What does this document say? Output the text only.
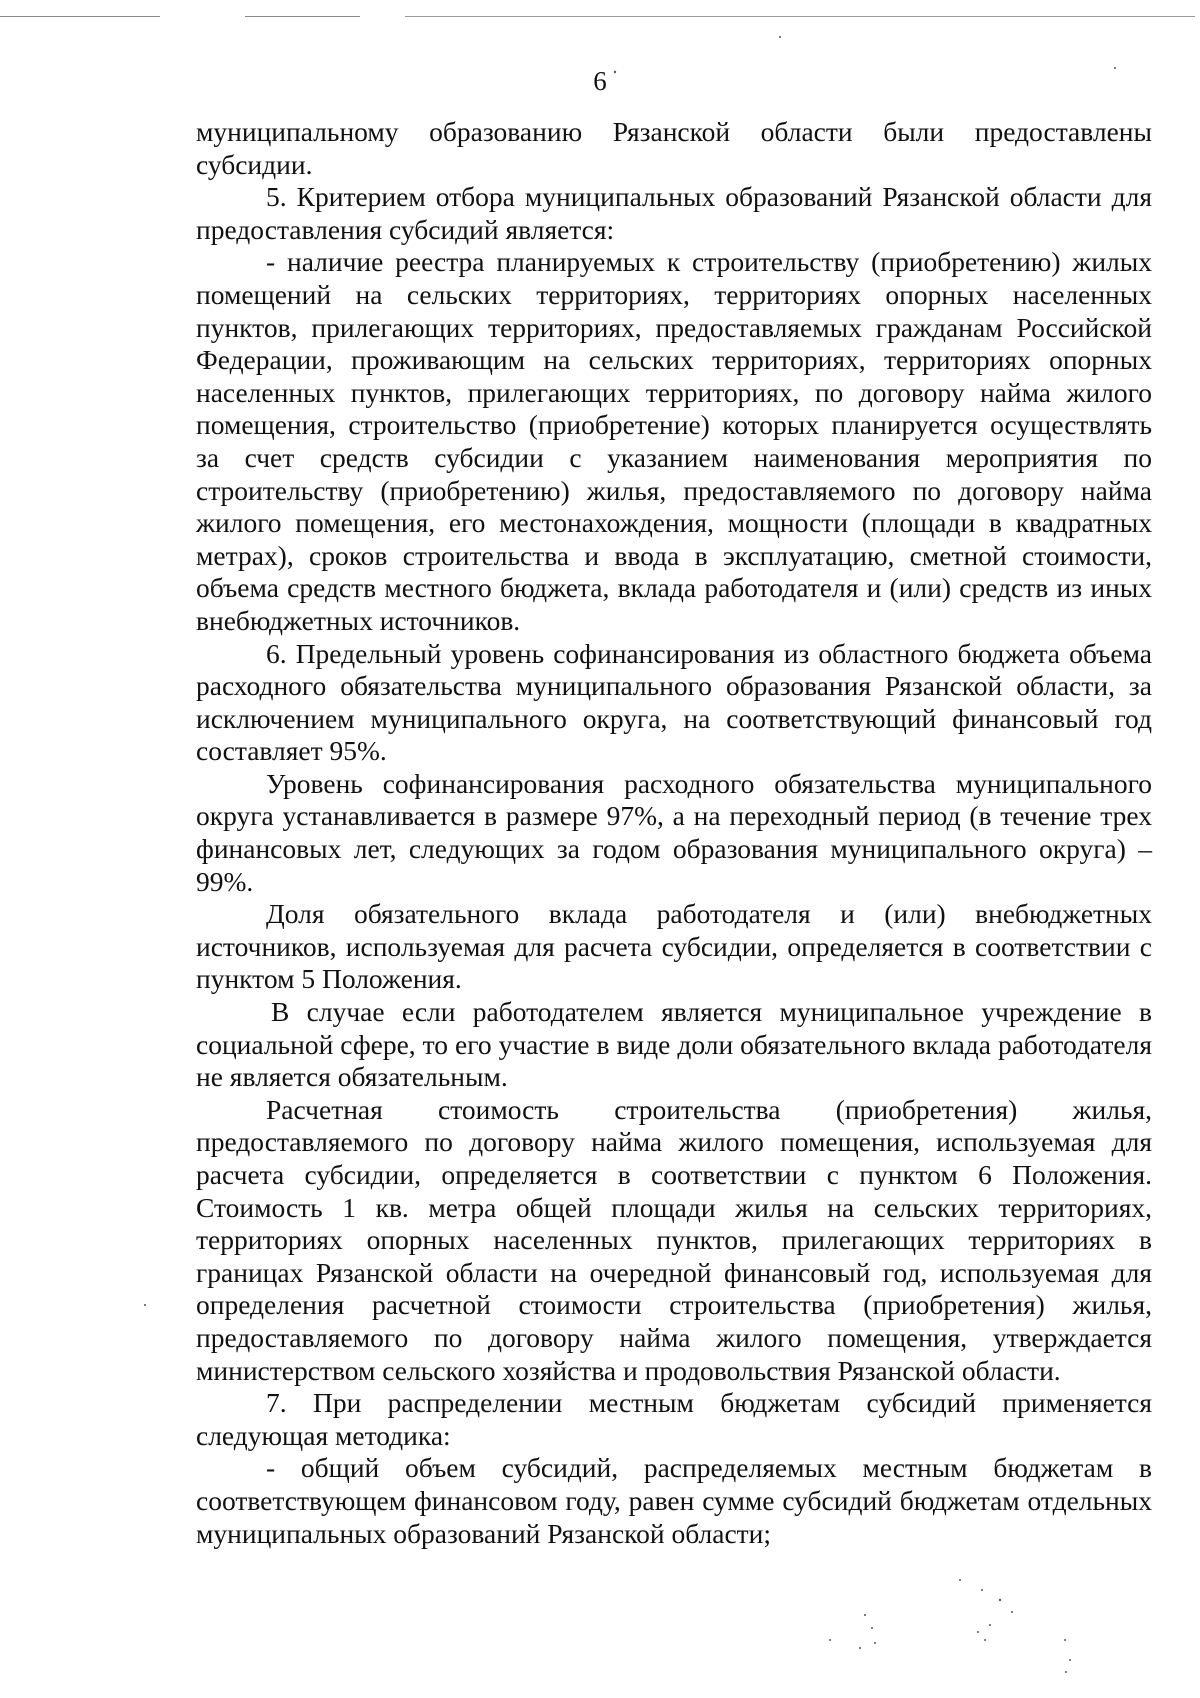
6

муниципальному образованию Рязанской области были предоставлены субсидии.

5. Критерием отбора муниципальных образований Рязанской области для предоставления субсидий является:

- наличие реестра планируемых к строительству (приобретению) жилых помещений на сельских территориях, территориях опорных населенных пунктов, прилегающих территориях, предоставляемых гражданам Российской Федерации, проживающим на сельских территориях, территориях опорных населенных пунктов, прилегающих территориях, по договору найма жилого помещения, строительство (приобретение) которых планируется осуществлять за счет средств субсидии с указанием наименования мероприятия по строительству (приобретению) жилья, предоставляемого по договору найма жилого помещения, его местонахождения, мощности (площади в квадратных метрах), сроков строительства и ввода в эксплуатацию, сметной стоимости, объема средств местного бюджета, вклада работодателя и (или) средств из иных внебюджетных источников.

6. Предельный уровень софинансирования из областного бюджета объема расходного обязательства муниципального образования Рязанской области, за исключением муниципального округа, на соответствующий финансовый год составляет 95%.

Уровень софинансирования расходного обязательства муниципального округа устанавливается в размере 97%, а на переходный период (в течение трех финансовых лет, следующих за годом образования муниципального округа) – 99%.

Доля обязательного вклада работодателя и (или) внебюджетных источников, используемая для расчета субсидии, определяется в соответствии с пунктом 5 Положения.

В случае если работодателем является муниципальное учреждение в социальной сфере, то его участие в виде доли обязательного вклада работодателя не является обязательным.

Расчетная стоимость строительства (приобретения) жилья, предоставляемого по договору найма жилого помещения, используемая для расчета субсидии, определяется в соответствии с пунктом 6 Положения. Стоимость 1 кв. метра общей площади жилья на сельских территориях, территориях опорных населенных пунктов, прилегающих территориях в границах Рязанской области на очередной финансовый год, используемая для определения расчетной стоимости строительства (приобретения) жилья, предоставляемого по договору найма жилого помещения, утверждается министерством сельского хозяйства и продовольствия Рязанской области.

7. При распределении местным бюджетам субсидий применяется следующая методика:

- общий объем субсидий, распределяемых местным бюджетам в соответствующем финансовом году, равен сумме субсидий бюджетам отдельных муниципальных образований Рязанской области;
